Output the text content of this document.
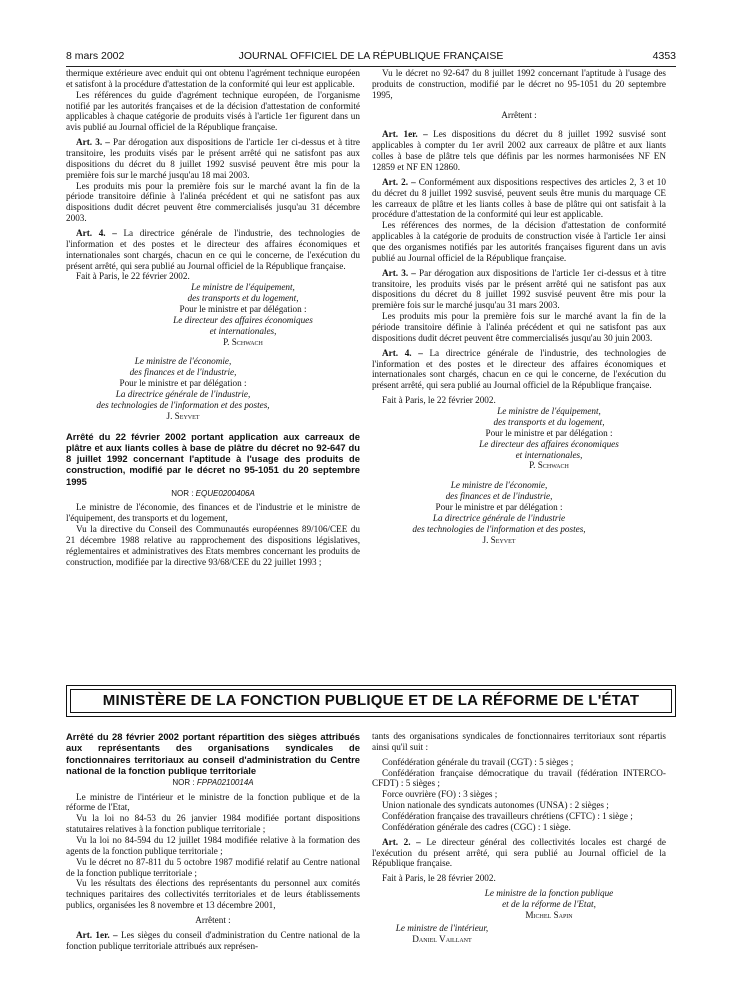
8 mars 2002	JOURNAL OFFICIEL DE LA RÉPUBLIQUE FRANÇAISE	4353

thermique extérieure avec enduit qui ont obtenu l'agrément technique européen et satisfont à la procédure d'attestation de la conformité qui leur est applicable.

Les références du guide d'agrément technique européen, de l'organisme notifié par les autorités françaises et de la décision d'attestation de conformité applicables à chaque catégorie de produits visés à l'article 1er figurent dans un avis publié au Journal officiel de la République française.

Art. 3. – Par dérogation aux dispositions de l'article 1er ci-dessus et à titre transitoire, les produits visés par le présent arrêté qui ne satisfont pas aux dispositions du décret du 8 juillet 1992 susvisé peuvent être mis pour la première fois sur le marché jusqu'au 18 mai 2003.

Les produits mis pour la première fois sur le marché avant la fin de la période transitoire définie à l'alinéa précédent et qui ne satisfont pas aux dispositions dudit décret peuvent être commercialisés jusqu'au 31 décembre 2003.

Art. 4. – La directrice générale de l'industrie, des technologies de l'information et des postes et le directeur des affaires économiques et internationales sont chargés, chacun en ce qui le concerne, de l'exécution du présent arrêté, qui sera publié au Journal officiel de la République française.

Fait à Paris, le 22 février 2002.

Le ministre de l'équipement,
des transports et du logement,
Pour le ministre et par délégation :
Le directeur des affaires économiques
et internationales,
P. Schwach
Le ministre de l'économie,
des finances et de l'industrie,
Pour le ministre et par délégation :
La directrice générale de l'industrie,
des technologies de l'information et des postes,
J. Seyvet

Arrêté du 22 février 2002 portant application aux carreaux de plâtre et aux liants colles à base de plâtre du décret no 92-647 du 8 juillet 1992 concernant l'aptitude à l'usage des produits de construction, modifié par le décret no 95-1051 du 20 septembre 1995

NOR : EQUE0200406A

Le ministre de l'économie, des finances et de l'industrie et le ministre de l'équipement, des transports et du logement,

Vu la directive du Conseil des Communautés européennes 89/106/CEE du 21 décembre 1988 relative au rapprochement des dispositions législatives, réglementaires et administratives des Etats membres concernant les produits de construction, modifiée par la directive 93/68/CEE du 22 juillet 1993 ;

Vu le décret no 92-647 du 8 juillet 1992 concernant l'aptitude à l'usage des produits de construction, modifié par le décret no 95-1051 du 20 septembre 1995,

Arrêtent :

Art. 1er. – Les dispositions du décret du 8 juillet 1992 susvisé sont applicables à compter du 1er avril 2002 aux carreaux de plâtre et aux liants colles à base de plâtre tels que définis par les normes harmonisées NF EN 12859 et NF EN 12860.

Art. 2. – Conformément aux dispositions respectives des articles 2, 3 et 10 du décret du 8 juillet 1992 susvisé, peuvent seuls être munis du marquage CE les carreaux de plâtre et les liants colles à base de plâtre qui ont satisfait à la procédure d'attestation de la conformité qui leur est applicable.

Les références des normes, de la décision d'attestation de conformité applicables à la catégorie de produits de construction visée à l'article 1er ainsi que des organismes notifiés par les autorités françaises figurent dans un avis publié au Journal officiel de la République française.

Art. 3. – Par dérogation aux dispositions de l'article 1er ci-dessus et à titre transitoire, les produits visés par le présent arrêté qui ne satisfont pas aux dispositions du décret du 8 juillet 1992 susvisé peuvent être mis pour la première fois sur le marché jusqu'au 31 mars 2003.

Les produits mis pour la première fois sur le marché avant la fin de la période transitoire définie à l'alinéa précédent et qui ne satisfont pas aux dispositions dudit décret peuvent être commercialisés jusqu'au 30 juin 2003.

Art. 4. – La directrice générale de l'industrie, des technologies de l'information et des postes et le directeur des affaires économiques et internationales sont chargés, chacun en ce qui le concerne, de l'exécution du présent arrêté, qui sera publié au Journal officiel de la République française.

Fait à Paris, le 22 février 2002.

Le ministre de l'équipement,
des transports et du logement,
Pour le ministre et par délégation :
Le directeur des affaires économiques
et internationales,
P. Schwach
Le ministre de l'économie,
des finances et de l'industrie,
Pour le ministre et par délégation :
La directrice générale de l'industrie
des technologies de l'information et des postes,
J. Seyvet
MINISTÈRE DE LA FONCTION PUBLIQUE ET DE LA RÉFORME DE L'ÉTAT

Arrêté du 28 février 2002 portant répartition des sièges attribués aux représentants des organisations syndicales de fonctionnaires territoriaux au conseil d'administration du Centre national de la fonction publique territoriale

NOR : FPPA0210014A

Le ministre de l'intérieur et le ministre de la fonction publique et de la réforme de l'Etat,

Vu la loi no 84-53 du 26 janvier 1984 modifiée portant dispositions statutaires relatives à la fonction publique territoriale ;

Vu la loi no 84-594 du 12 juillet 1984 modifiée relative à la formation des agents de la fonction publique territoriale ;

Vu le décret no 87-811 du 5 octobre 1987 modifié relatif au Centre national de la fonction publique territoriale ;

Vu les résultats des élections des représentants du personnel aux comités techniques paritaires des collectivités territoriales et de leurs établissements publics, organisées les 8 novembre et 13 décembre 2001,

Arrêtent :

Art. 1er. – Les sièges du conseil d'administration du Centre national de la fonction publique territoriale attribués aux représen-

tants des organisations syndicales de fonctionnaires territoriaux sont répartis ainsi qu'il suit :

Confédération générale du travail (CGT) : 5 sièges ;

Confédération française démocratique du travail (fédération INTERCO-CFDT) : 5 sièges ;

Force ouvrière (FO) : 3 sièges ;

Union nationale des syndicats autonomes (UNSA) : 2 sièges ;

Confédération française des travailleurs chrétiens (CFTC) : 1 siège ;

Confédération générale des cadres (CGC) : 1 siège.

Art. 2. – Le directeur général des collectivités locales est chargé de l'exécution du présent arrêté, qui sera publié au Journal officiel de la République française.

Fait à Paris, le 28 février 2002.

Le ministre de la fonction publique
et de la réforme de l'Etat,
Michel Sapin
Le ministre de l'intérieur,
Daniel Vaillant
